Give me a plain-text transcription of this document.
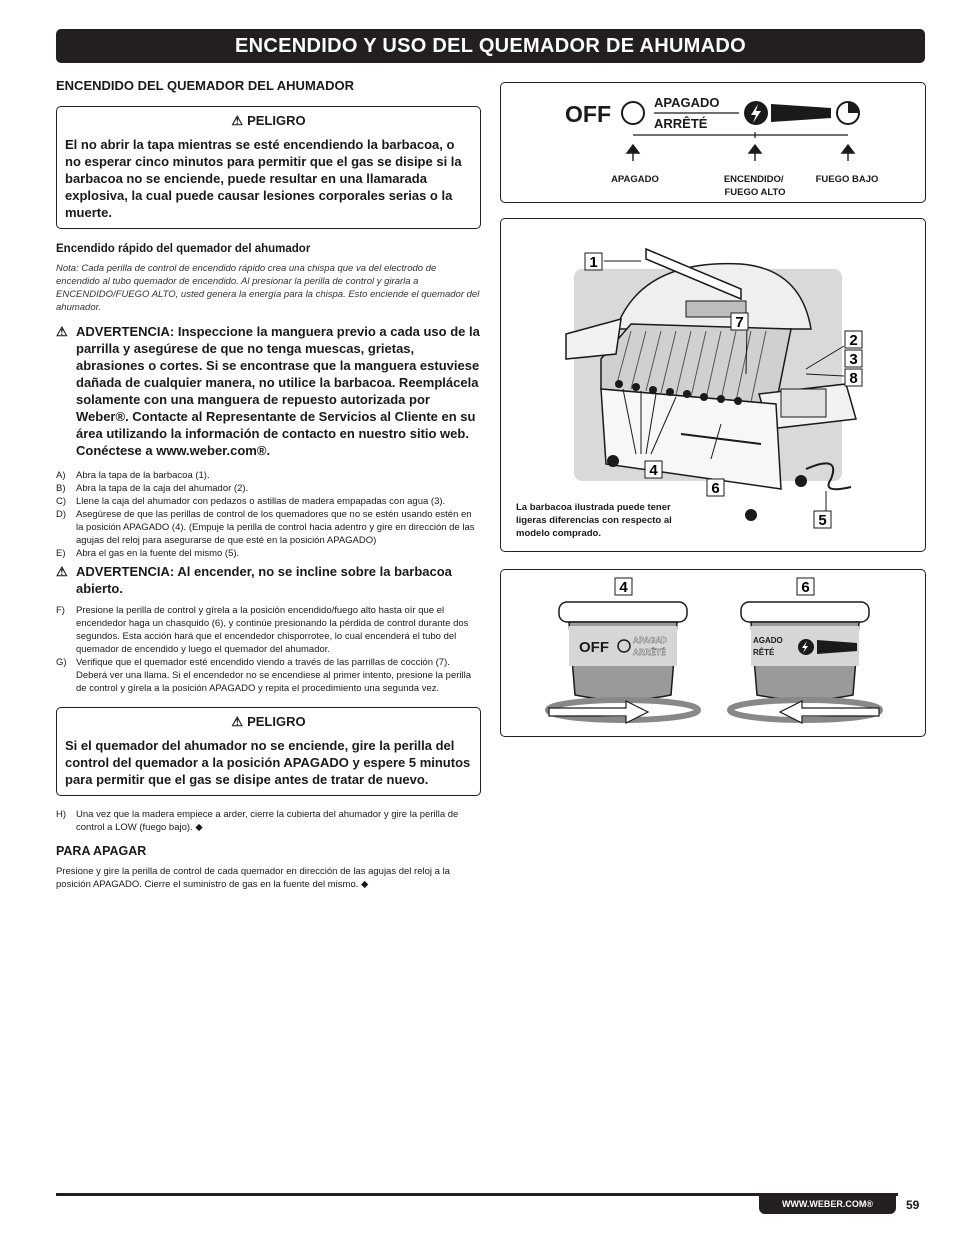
ENCENDIDO Y USO DEL QUEMADOR DE AHUMADO
ENCENDIDO DEL QUEMADOR DEL AHUMADOR
⚠ PELIGRO
El no abrir la tapa mientras se esté encendiendo la barbacoa, o no esperar cinco minutos para permitir que el gas se disipe si la barbacoa no se enciende, puede resultar en una llamarada explosiva, la cual puede causar lesiones corporales serias o la muerte.
Encendido rápido del quemador del ahumador
Nota: Cada perilla de control de encendido rápido crea una chispa que va del electrodo de encendido al tubo quemador de encendido. Al presionar la perilla de control y girarla a ENCENDIDO/FUEGO ALTO, usted genera la energía para la chispa. Esto enciende el quemador del ahumador.
⚠ ADVERTENCIA: Inspeccione la manguera previo a cada uso de la parrilla y asegúrese de que no tenga muescas, grietas, abrasiones o cortes. Si se encontrase que la manguera estuviese dañada de cualquier manera, no utilice la barbacoa. Reemplácela solamente con una manguera de repuesto autorizada por Weber®. Contacte al Representante de Servicios al Cliente en su área utilizando la información de contacto en nuestro sitio web.
Conéctese a www.weber.com®.
A)	Abra la tapa de la barbacoa (1).
B)	Abra la tapa de la caja del ahumador (2).
C)	Llene la caja del ahumador con pedazos o astillas de madera empapadas con agua (3).
D)	Asegúrese de que las perillas de control de los quemadores que no se estén usando estén en la posición APAGADO (4). (Empuje la perilla de control hacia adentro y gire en dirección de las agujas del reloj para asegurarse de que esté en la posición APAGADO)
E)	Abra el gas en la fuente del mismo (5).
⚠ ADVERTENCIA: Al encender, no se incline sobre la barbacoa abierto.
F)	Presione la perilla de control y gírela a la posición encendido/fuego alto hasta oír que el encendedor haga un chasquido (6), y continúe presionando la pérdida de control durante dos segundos. Esta acción hará que el encendedor chisporrotee, lo cual encenderá el tubo del quemador de encendido y luego el quemador del ahumador.
G) Verifique que el quemador esté encendido viendo a través de las parrillas de cocción (7). Deberá ver una llama. Si el encendedor no se encendiese al primer intento, presione la perilla de control y gírela a la posición APAGADO y repita el procedimiento una segunda vez.
⚠ PELIGRO
Si el quemador del ahumador no se enciende, gire la perilla del control del quemador a la posición APAGADO y espere 5 minutos para permitir que el gas se disipe antes de tratar de nuevo.
H)	Una vez que la madera empiece a arder, cierre la cubierta del ahumador y gire la perilla de control a LOW (fuego bajo). ◆
PARA APAGAR
Presione y gire la perilla de control de cada quemador en dirección de las agujas del reloj a la posición APAGADO. Cierre el suministro de gas en la fuente del mismo. ◆
OFF	APAGADO
ARRÊTÉ
APAGADO	ENCENDIDO/ FUEGO ALTO
FUEGO BAJO
1
7
2
3
8
4
6
5
La barbacoa ilustrada puede tener ligeras diferencias con respecto al modelo comprado.
4
OFF	APAGAD
ARRÊTÉ
6
AGADO
RÊTÉ
WWW.WEBER.COM®	59
